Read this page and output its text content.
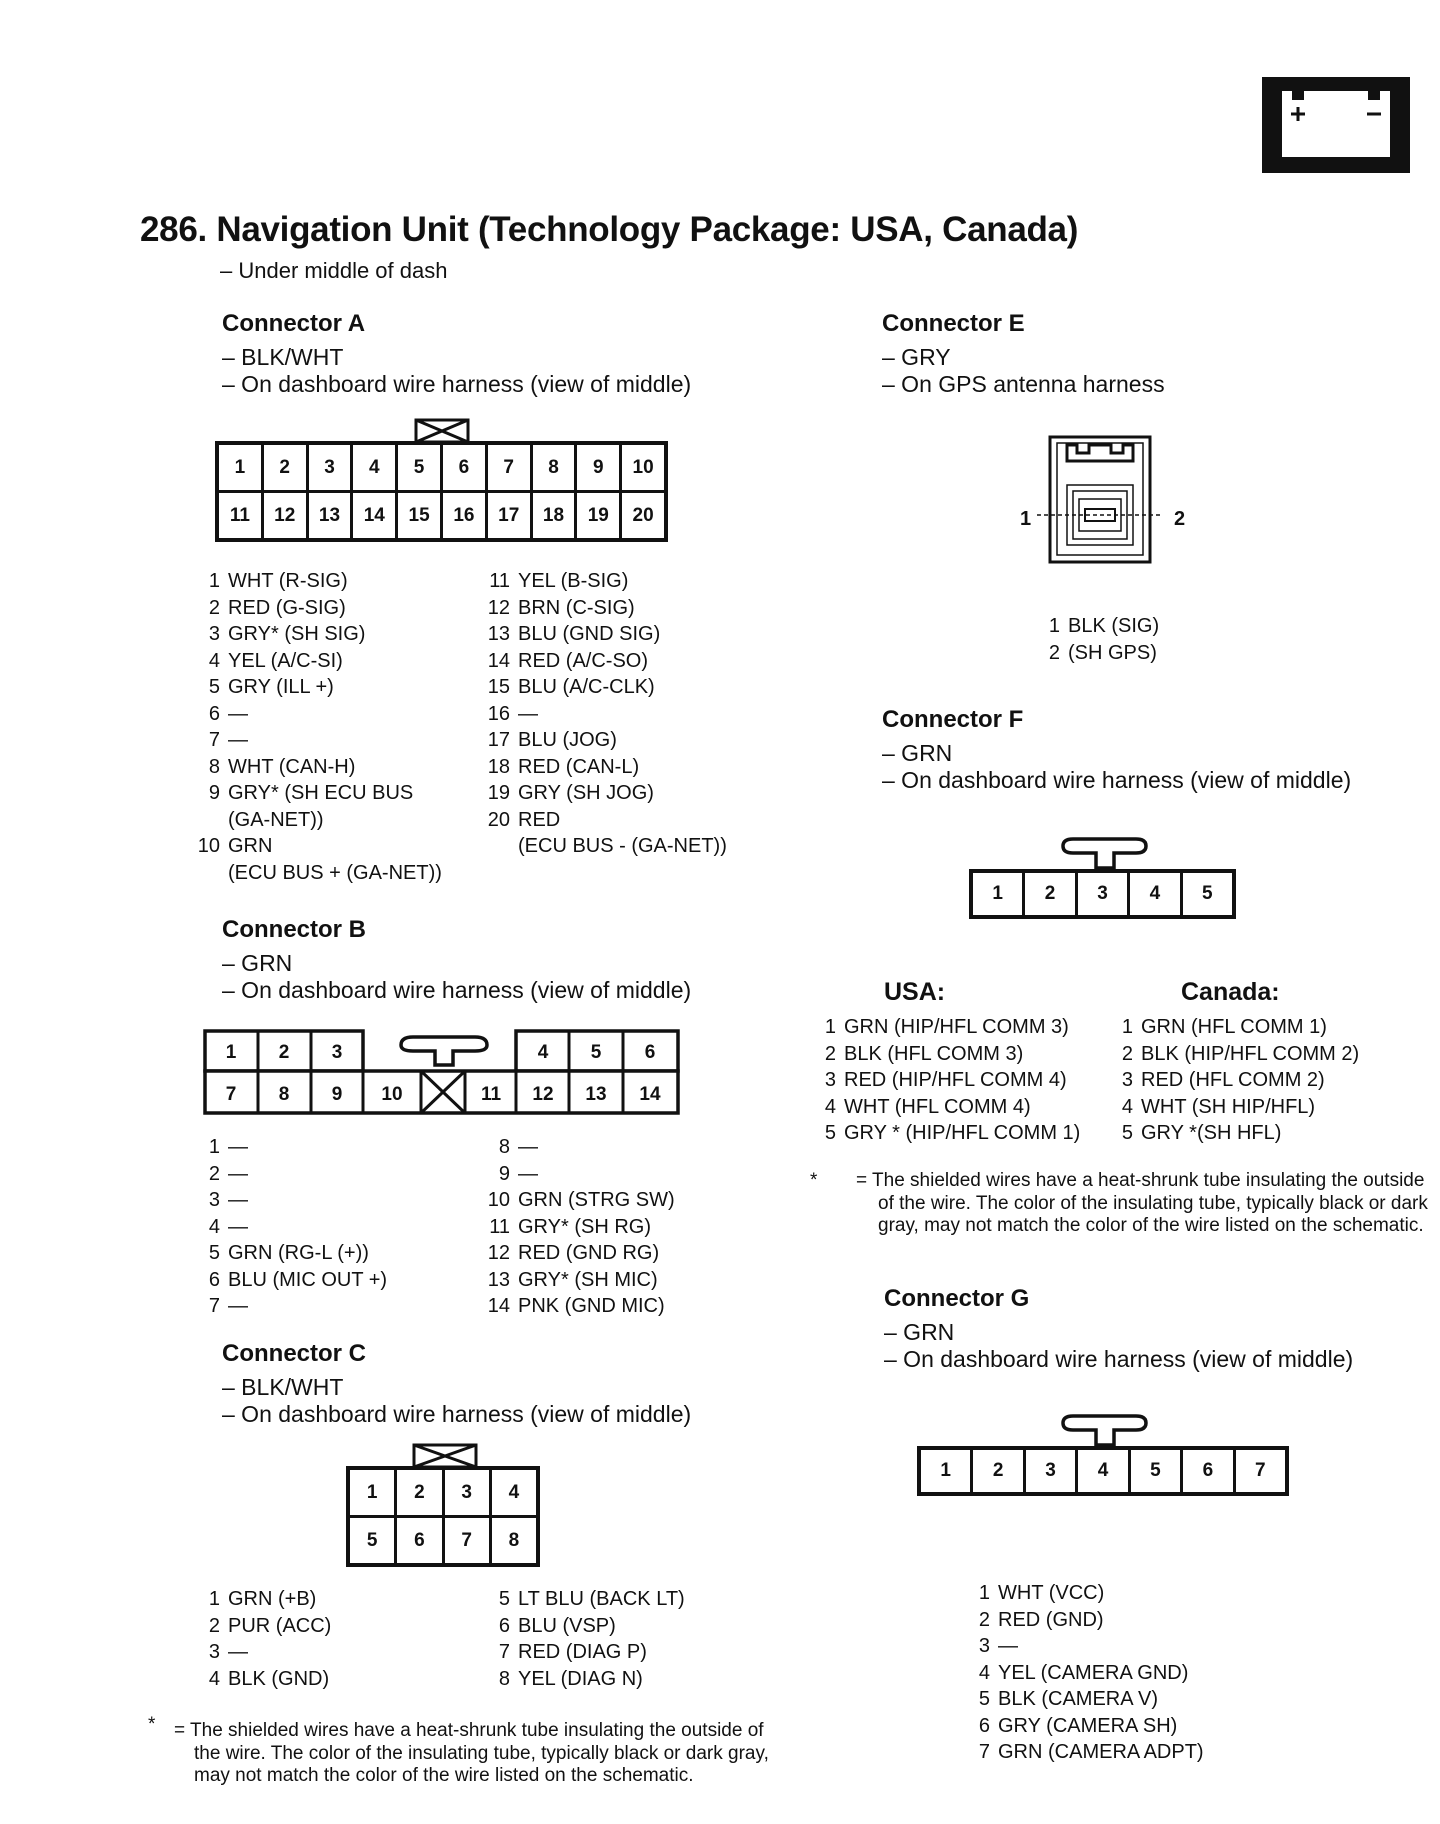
286. Navigation Unit (Technology Package: USA, Canada)
– Under middle of dash
Connector A
– BLK/WHT
– On dashboard wire harness (view of middle)
1	2	3	4	5	6	7	8	9	10
11	12	13	14	15	16	17	18	19	20
1 WHT (R-SIG)
2 RED (G-SIG)
3 GRY* (SH SIG)
4 YEL (A/C-SI)
5 GRY (ILL +)
6 —
7 —
8 WHT (CAN-H)
9 GRY* (SH ECU BUS
(GA-NET))
10 GRN
(ECU BUS + (GA-NET))
11 YEL (B-SIG)
12 BRN (C-SIG)
13 BLU (GND SIG)
14 RED (A/C-SO)
15 BLU (A/C-CLK)
16 —
17 BLU (JOG)
18 RED (CAN-L)
19 GRY (SH JOG)
20 RED
(ECU BUS - (GA-NET))
Connector B
– GRN
– On dashboard wire harness (view of middle)
1 2 3	4 5 6
7 8 9 10	11 12 13 14
1 —
2 —
3 —
4 —
5 GRN (RG-L (+))
6 BLU (MIC OUT +)
7 —
8 —
9 —
10 GRN (STRG SW)
11 GRY* (SH RG)
12 RED (GND RG)
13 GRY* (SH MIC)
14 PNK (GND MIC)
Connector C
– BLK/WHT
– On dashboard wire harness (view of middle)
1	2	3	4
5	6	7	8
1 GRN (+B)
2 PUR (ACC)
3 —
4 BLK (GND)
5 LT BLU (BACK LT)
6 BLU (VSP)
7 RED (DIAG P)
8 YEL (DIAG N)
* = The shielded wires have a heat-shrunk tube insulating the outside of the wire. The color of the insulating tube, typically black or dark gray, may not match the color of the wire listed on the schematic.
Connector E
– GRY
– On GPS antenna harness
1	2
1 BLK (SIG)
2 (SH GPS)
Connector F
– GRN
– On dashboard wire harness (view of middle)
1	2	3	4	5
USA:	Canada:
1 GRN (HIP/HFL COMM 3)
2 BLK (HFL COMM 3)
3 RED (HIP/HFL COMM 4)
4 WHT (HFL COMM 4)
5 GRY * (HIP/HFL COMM 1)
1 GRN (HFL COMM 1)
2 BLK (HIP/HFL COMM 2)
3 RED (HFL COMM 2)
4 WHT (SH HIP/HFL)
5 GRY *(SH HFL)
* = The shielded wires have a heat-shrunk tube insulating the outside of the wire. The color of the insulating tube, typically black or dark gray, may not match the color of the wire listed on the schematic.
Connector G
– GRN
– On dashboard wire harness (view of middle)
1	2	3	4	5	6	7
1 WHT (VCC)
2 RED (GND)
3 —
4 YEL (CAMERA GND)
5 BLK (CAMERA V)
6 GRY (CAMERA SH)
7 GRN (CAMERA ADPT)
